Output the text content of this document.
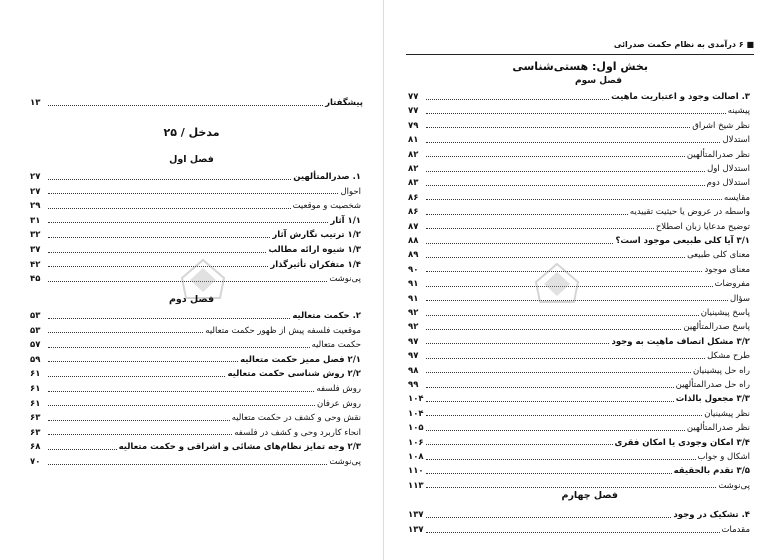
پیشگفتار
۱۳
مدخل / ۲۵
فصل اول
۱. صدرالمتألهین
۲۷
احوال
۲۷
شخصیت و موقعیت
۲۹
۱/۱ آثار
۳۱
۱/۲ ترتیب نگارش آثار
۳۲
۱/۳ شیوه ارائه مطالب
۳۷
۱/۴ متفکران تأثیرگذار
۴۲
پی‌نوشت
۴۵
فصل دوم
۲. حکمت متعالیه
۵۳
موقعیت فلسفه پیش از ظهور حکمت متعالیه
۵۳
حکمت متعالیه
۵۷
۲/۱ فصل ممیز حکمت متعالیه
۵۹
۲/۲ روش شناسی حکمت متعالیه
۶۱
روش فلسفه
۶۱
روش عرفان
۶۱
نقش وحی و کشف در حکمت متعالیه
۶۳
انحاء کاربرد وحی و کشف در فلسفه
۶۳
۲/۳ وجه تمایز نظام‌های مشائی و اشراقی و حکمت متعالیه
۶۸
پی‌نوشت
۷۰
■ ۶ درآمدی به نظام حکمت صدرائی
بخش اول: هستی‌شناسی
فصل سوم
۳. اصالت وجود و اعتباریت ماهیت
۷۷
پیشینه
۷۷
نظر شیخ اشراق
۷۹
استدلال
۸۱
نظر صدرالمتألهین
۸۲
استدلال اول
۸۲
استدلال دوم
۸۳
مقایسه
۸۶
واسطه در عروض یا حیثیت تقییدیه
۸۶
توضیح مدعایا زبان اصطلاح
۸۷
۳/۱ آیا کلی طبیعی موجود است؟
۸۸
معنای کلی طبیعی
۸۹
معنای موجود
۹۰
مفروضات
۹۱
سؤال
۹۱
پاسخ پیشینیان
۹۲
پاسخ صدرالمتألهین
۹۲
۳/۲ مشکل اتصاف ماهیت به وجود
۹۷
طرح مشکل
۹۷
راه حل پیشینیان
۹۸
راه حل صدرالمتألهین
۹۹
۳/۳ مجعول بالذات
۱۰۴
نظر پیشینیان
۱۰۴
نظر صدرالمتألهین
۱۰۵
۳/۴ امکان وجودی یا امکان فقری
۱۰۶
اشکال و جواب
۱۰۸
۳/۵ تقدم بالحقیقه
۱۱۰
پی‌نوشت
۱۱۳
فصل چهارم
۴. تشکیک در وجود
۱۳۷
مقدمات
۱۳۷
